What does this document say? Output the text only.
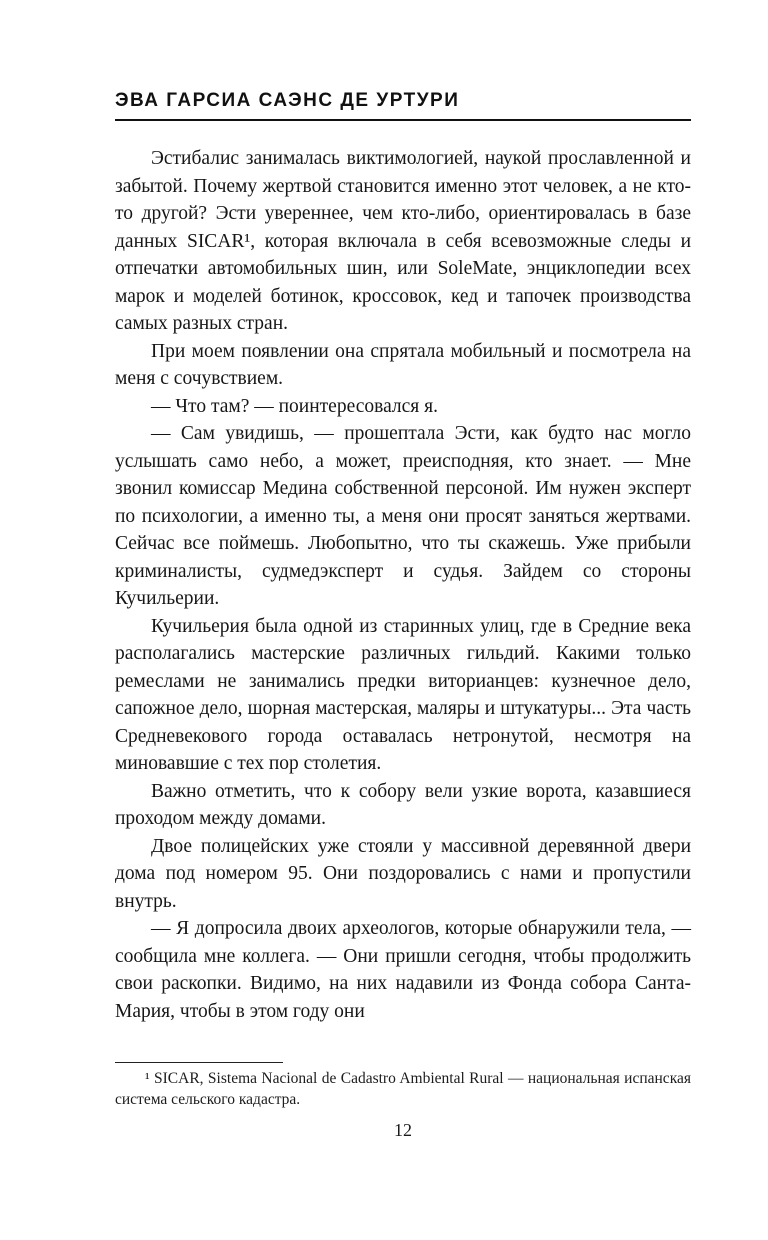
ЭВА ГАРСИА САЭНС ДЕ УРТУРИ

Эстибалис занималась виктимологией, наукой прославленной и забытой. Почему жертвой становится именно этот человек, а не кто-то другой? Эсти увереннее, чем кто-либо, ориентировалась в базе данных SICAR¹, которая включала в себя всевозможные следы и отпечатки автомобильных шин, или SoleMate, энциклопедии всех марок и моделей ботинок, кроссовок, кед и тапочек производства самых разных стран.

При моем появлении она спрятала мобильный и посмотрела на меня с сочувствием.

— Что там? — поинтересовался я.

— Сам увидишь, — прошептала Эсти, как будто нас могло услышать само небо, а может, преисподняя, кто знает. — Мне звонил комиссар Медина собственной персоной. Им нужен эксперт по психологии, а именно ты, а меня они просят заняться жертвами. Сейчас все поймешь. Любопытно, что ты скажешь. Уже прибыли криминалисты, судмедэксперт и судья. Зайдем со стороны Кучильерии.

Кучильерия была одной из старинных улиц, где в Средние века располагались мастерские различных гильдий. Какими только ремеслами не занимались предки виторианцев: кузнечное дело, сапожное дело, шорная мастерская, маляры и штукатуры... Эта часть Средневекового города оставалась нетронутой, несмотря на миновавшие с тех пор столетия.

Важно отметить, что к собору вели узкие ворота, казавшиеся проходом между домами.

Двое полицейских уже стояли у массивной деревянной двери дома под номером 95. Они поздоровались с нами и пропустили внутрь.

— Я допросила двоих археологов, которые обнаружили тела, — сообщила мне коллега. — Они пришли сегодня, чтобы продолжить свои раскопки. Видимо, на них надавили из Фонда собора Санта-Мария, чтобы в этом году они

¹ SICAR, Sistema Nacional de Cadastro Ambiental Rural — национальная испанская система сельского кадастра.

12
